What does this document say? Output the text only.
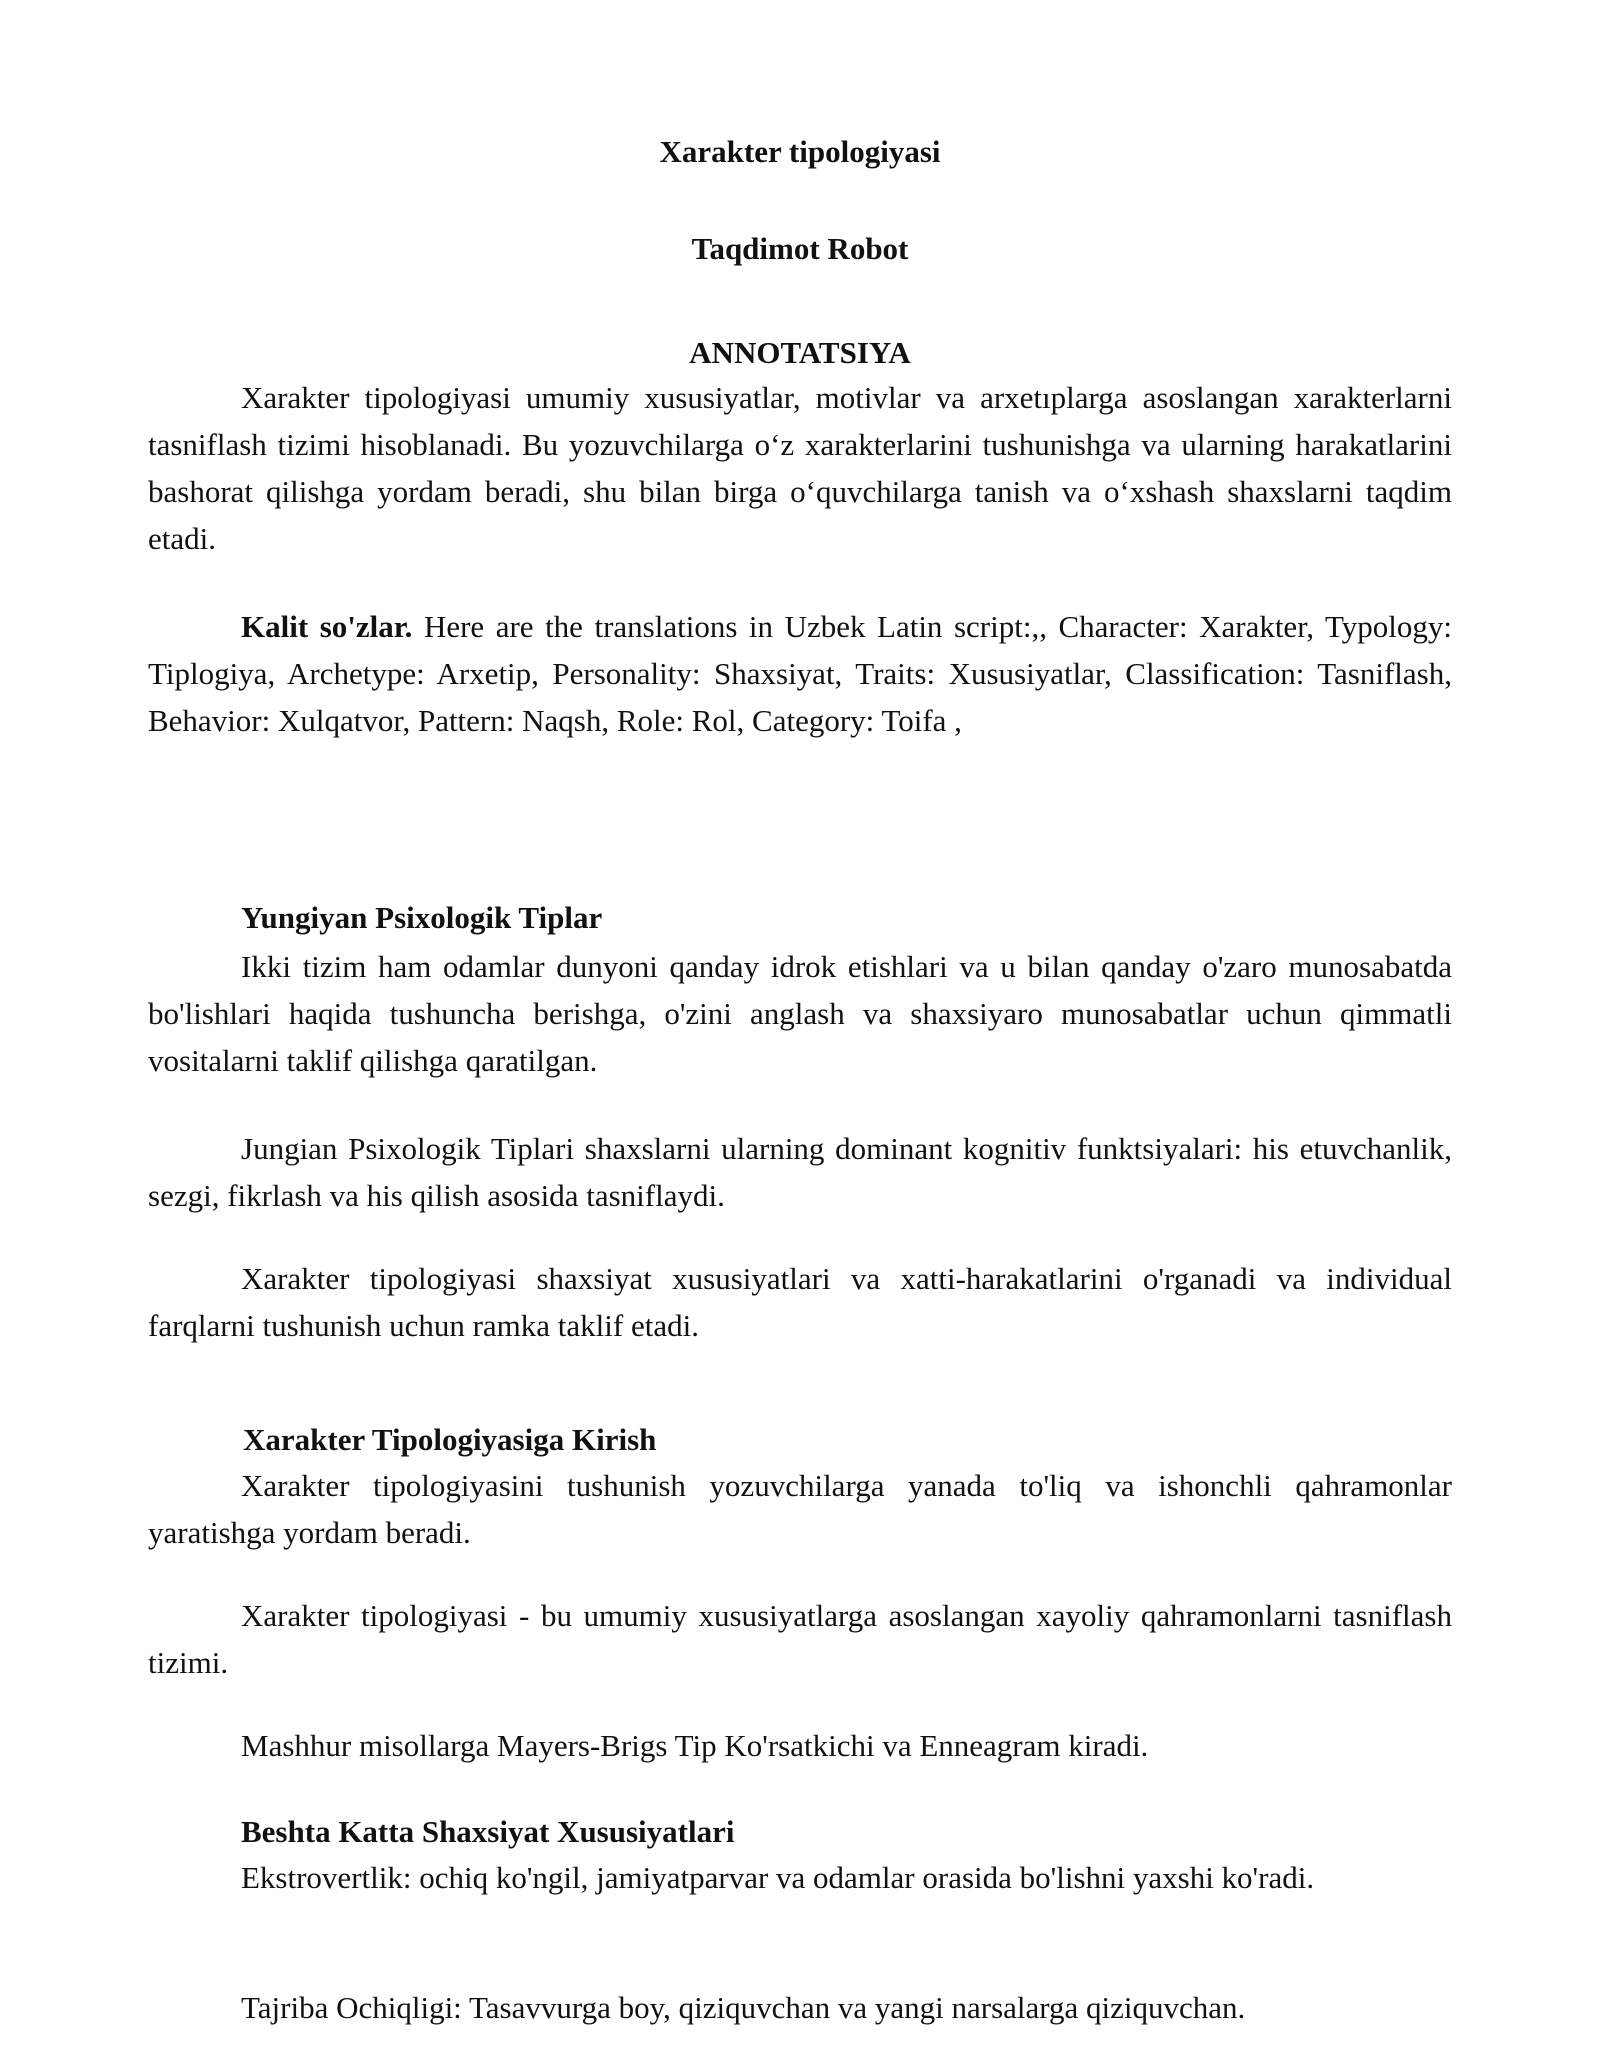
Xarakter tipologiyasi
Taqdimot Robot
ANNOTATSIYA

Xarakter tipologiyasi umumiy xususiyatlar, motivlar va arxetıplarga asoslangan xarakterlarni tasniflash tizimi hisoblanadi. Bu yozuvchilarga o‘z xarakterlarini tushunishga va ularning harakatlarini bashorat qilishga yordam beradi, shu bilan birga o‘quvchilarga tanish va o‘xshash shaxslarni taqdim etadi.

Kalit so'zlar. Here are the translations in Uzbek Latin script:,, Character: Xarakter, Typology: Tiplogiya, Archetype: Arxetip, Personality: Shaxsiyat, Traits: Xususiyatlar, Classification: Tasniflash, Behavior: Xulqatvor, Pattern: Naqsh, Role: Rol, Category: Toifa ,

Yungiyan Psixologik Tiplar

Ikki tizim ham odamlar dunyoni qanday idrok etishlari va u bilan qanday o'zaro munosabatda bo'lishlari haqida tushuncha berishga, o'zini anglash va shaxsiyaro munosabatlar uchun qimmatli vositalarni taklif qilishga qaratilgan.

Jungian Psixologik Tiplari shaxslarni ularning dominant kognitiv funktsiyalari: his etuvchanlik, sezgi, fikrlash va his qilish asosida tasniflaydi.

Xarakter tipologiyasi shaxsiyat xususiyatlari va xatti-harakatlarini o'rganadi va individual farqlarni tushunish uchun ramka taklif etadi.

Xarakter Tipologiyasiga Kirish

Xarakter tipologiyasini tushunish yozuvchilarga yanada to'liq va ishonchli qahramonlar yaratishga yordam beradi.

Xarakter tipologiyasi - bu umumiy xususiyatlarga asoslangan xayoliy qahramonlarni tasniflash tizimi.

Mashhur misollarga Mayers-Brigs Tip Ko'rsatkichi va Enneagram kiradi.

Beshta Katta Shaxsiyat Xususiyatlari

Ekstrovertlik: ochiq ko'ngil, jamiyatparvar va odamlar orasida bo'lishni yaxshi ko'radi.

Tajriba Ochiqligi: Tasavvurga boy, qiziquvchan va yangi narsalarga qiziquvchan.
